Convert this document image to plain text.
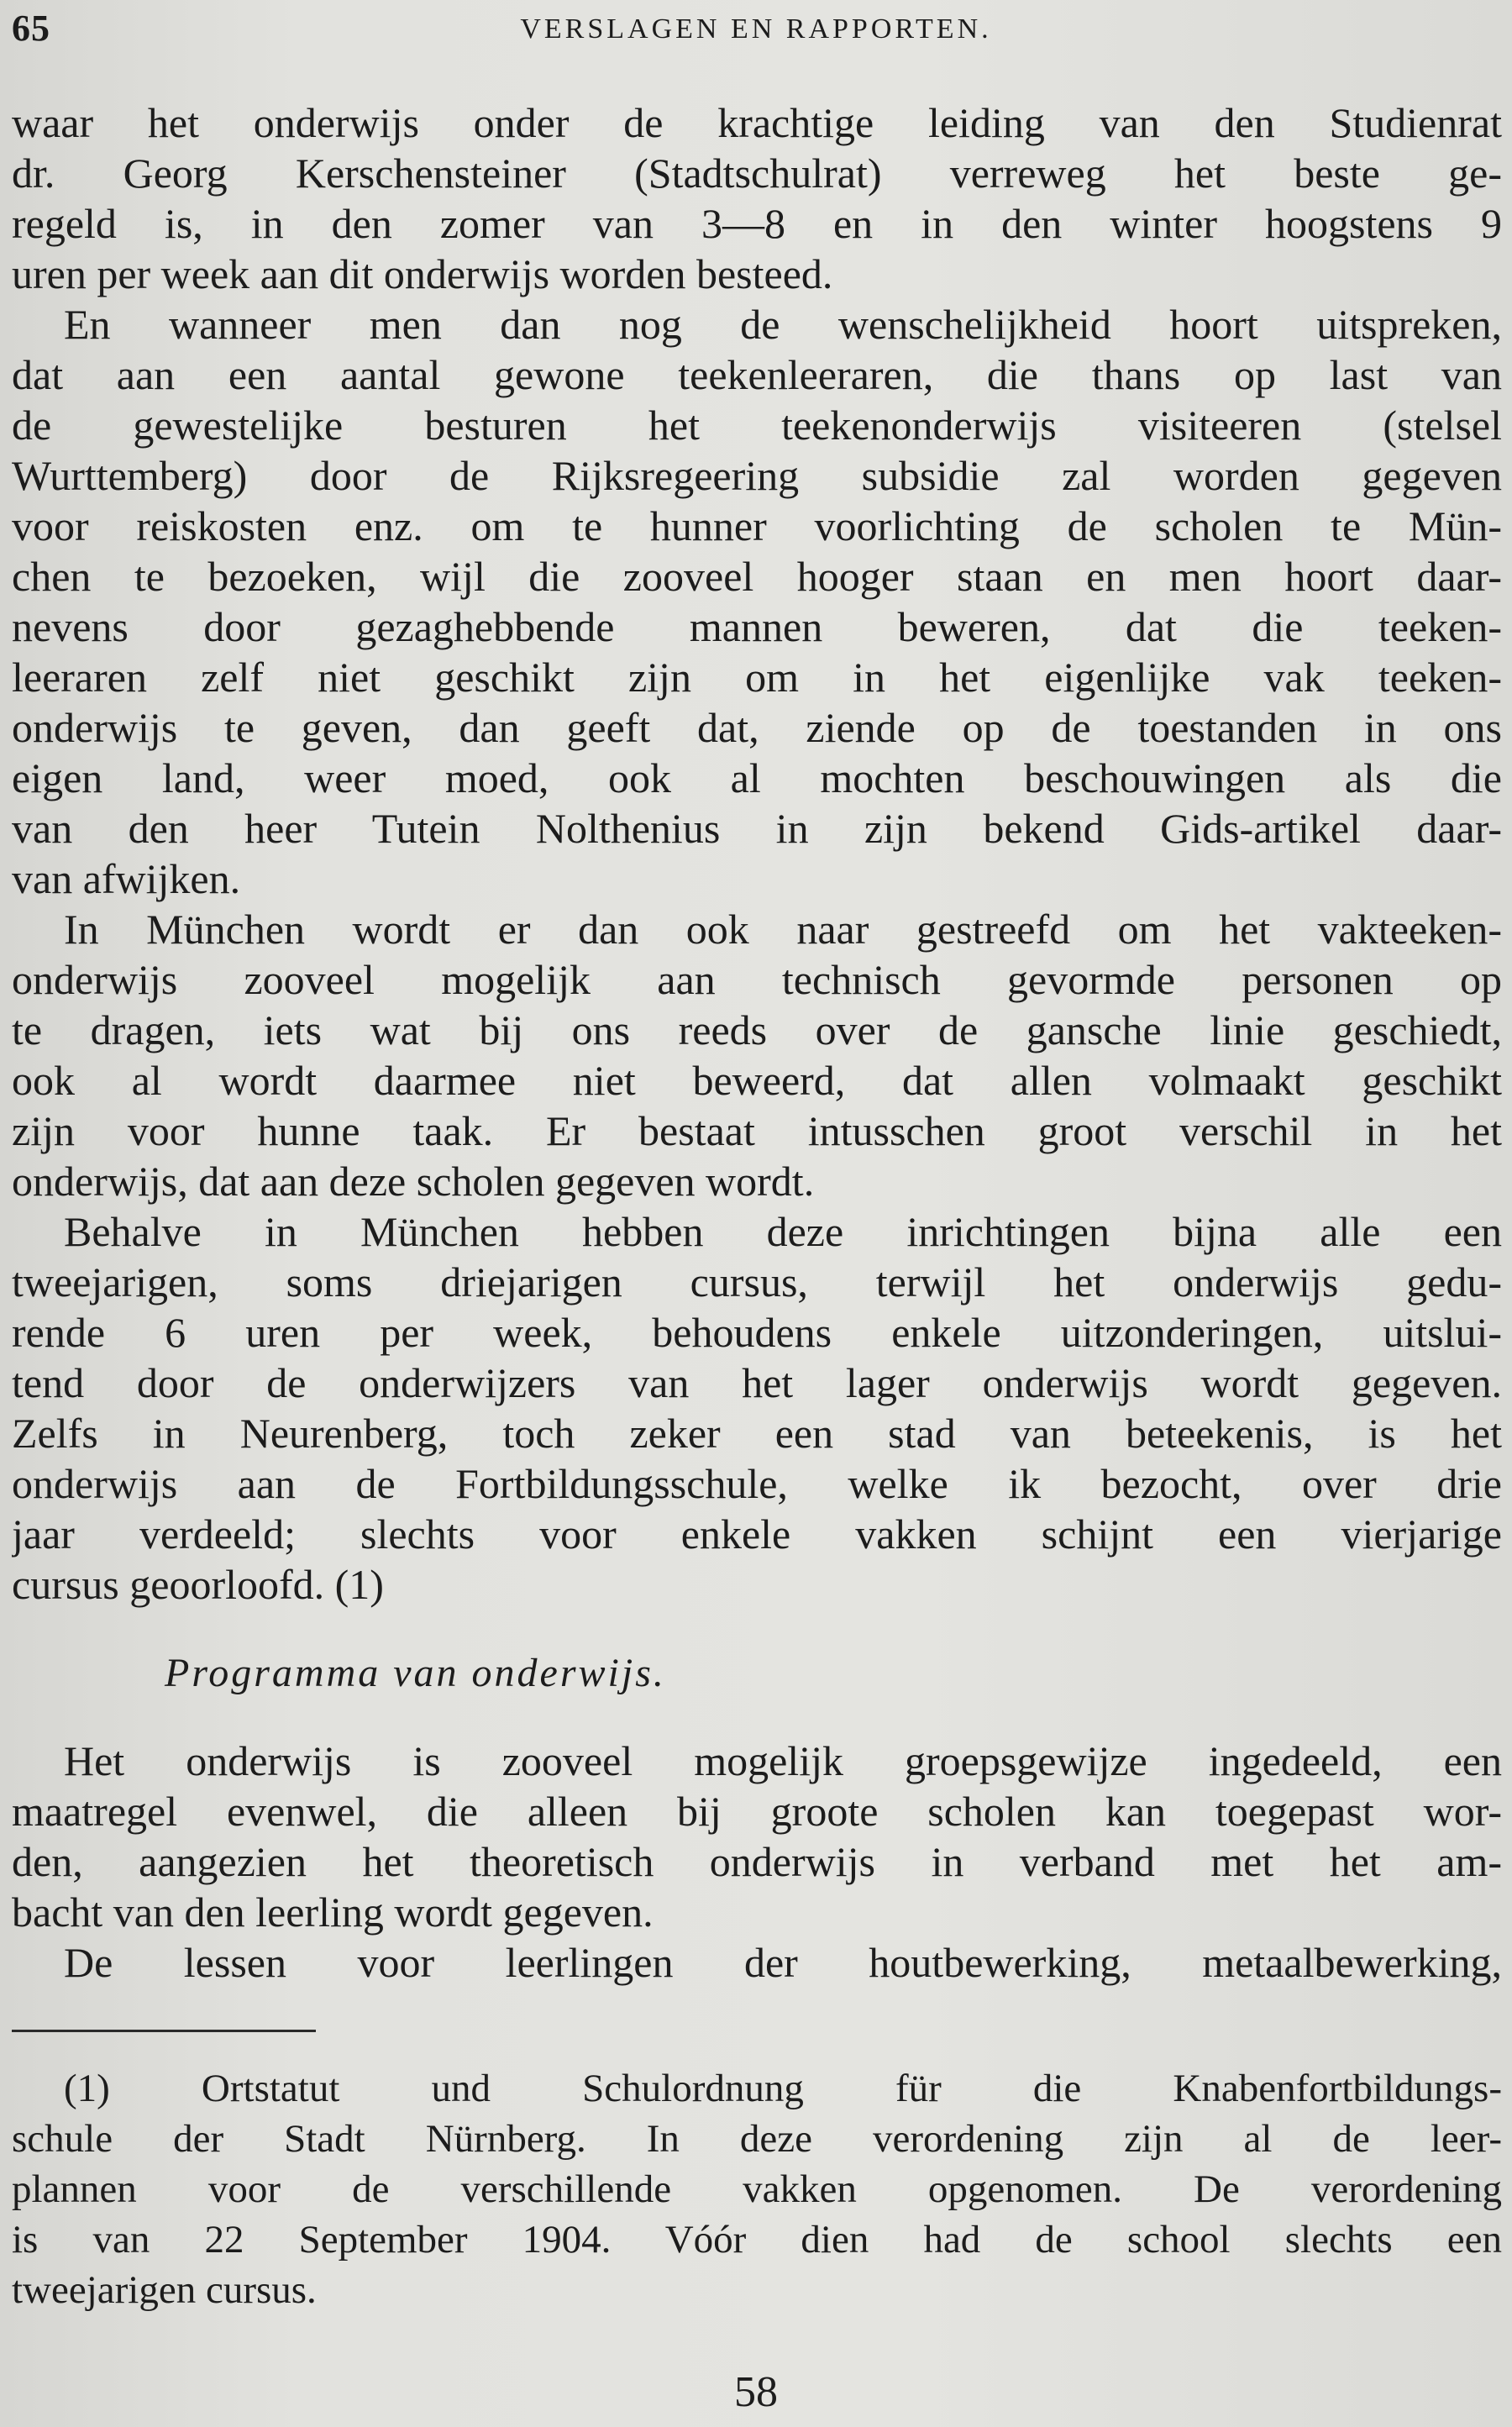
65	VERSLAGEN EN RAPPORTEN.
waar het onderwijs onder de krachtige leiding van den Studienrat
dr. Georg Kerschensteiner (Stadtschulrat) verreweg het beste ge-
regeld is, in den zomer van 3—8 en in den winter hoogstens 9
uren per week aan dit onderwijs worden besteed.
En wanneer men dan nog de wenschelijkheid hoort uitspreken,
dat aan een aantal gewone teekenleeraren, die thans op last van
de gewestelijke besturen het teekenonderwijs visiteeren (stelsel
Wurttemberg) door de Rijksregeering subsidie zal worden gegeven
voor reiskosten enz. om te hunner voorlichting de scholen te Mün-
chen te bezoeken, wijl die zooveel hooger staan en men hoort daar-
nevens door gezaghebbende mannen beweren, dat die teeken-
leeraren zelf niet geschikt zijn om in het eigenlijke vak teeken-
onderwijs te geven, dan geeft dat, ziende op de toestanden in ons
eigen land, weer moed, ook al mochten beschouwingen als die
van den heer Tutein Nolthenius in zijn bekend Gids-artikel daar-
van afwijken.
In München wordt er dan ook naar gestreefd om het vakteeken-
onderwijs zooveel mogelijk aan technisch gevormde personen op
te dragen, iets wat bij ons reeds over de gansche linie geschiedt,
ook al wordt daarmee niet beweerd, dat allen volmaakt geschikt
zijn voor hunne taak. Er bestaat intusschen groot verschil in het
onderwijs, dat aan deze scholen gegeven wordt.
Behalve in München hebben deze inrichtingen bijna alle een
tweejarigen, soms driejarigen cursus, terwijl het onderwijs gedu-
rende 6 uren per week, behoudens enkele uitzonderingen, uitslui-
tend door de onderwijzers van het lager onderwijs wordt gegeven.
Zelfs in Neurenberg, toch zeker een stad van beteekenis, is het
onderwijs aan de Fortbildungsschule, welke ik bezocht, over drie
jaar verdeeld; slechts voor enkele vakken schijnt een vierjarige
cursus geoorloofd. (1)
Programma van onderwijs.
Het onderwijs is zooveel mogelijk groepsgewijze ingedeeld, een
maatregel evenwel, die alleen bij groote scholen kan toegepast wor-
den, aangezien het theoretisch onderwijs in verband met het am-
bacht van den leerling wordt gegeven.
De lessen voor leerlingen der houtbewerking, metaalbewerking,
(1) Ortstatut und Schulordnung für die Knabenfortbildungs-
schule der Stadt Nürnberg. In deze verordening zijn al de leer-
plannen voor de verschillende vakken opgenomen. De verordening
is van 22 September 1904. Vóór dien had de school slechts een
tweejarigen cursus.
58
